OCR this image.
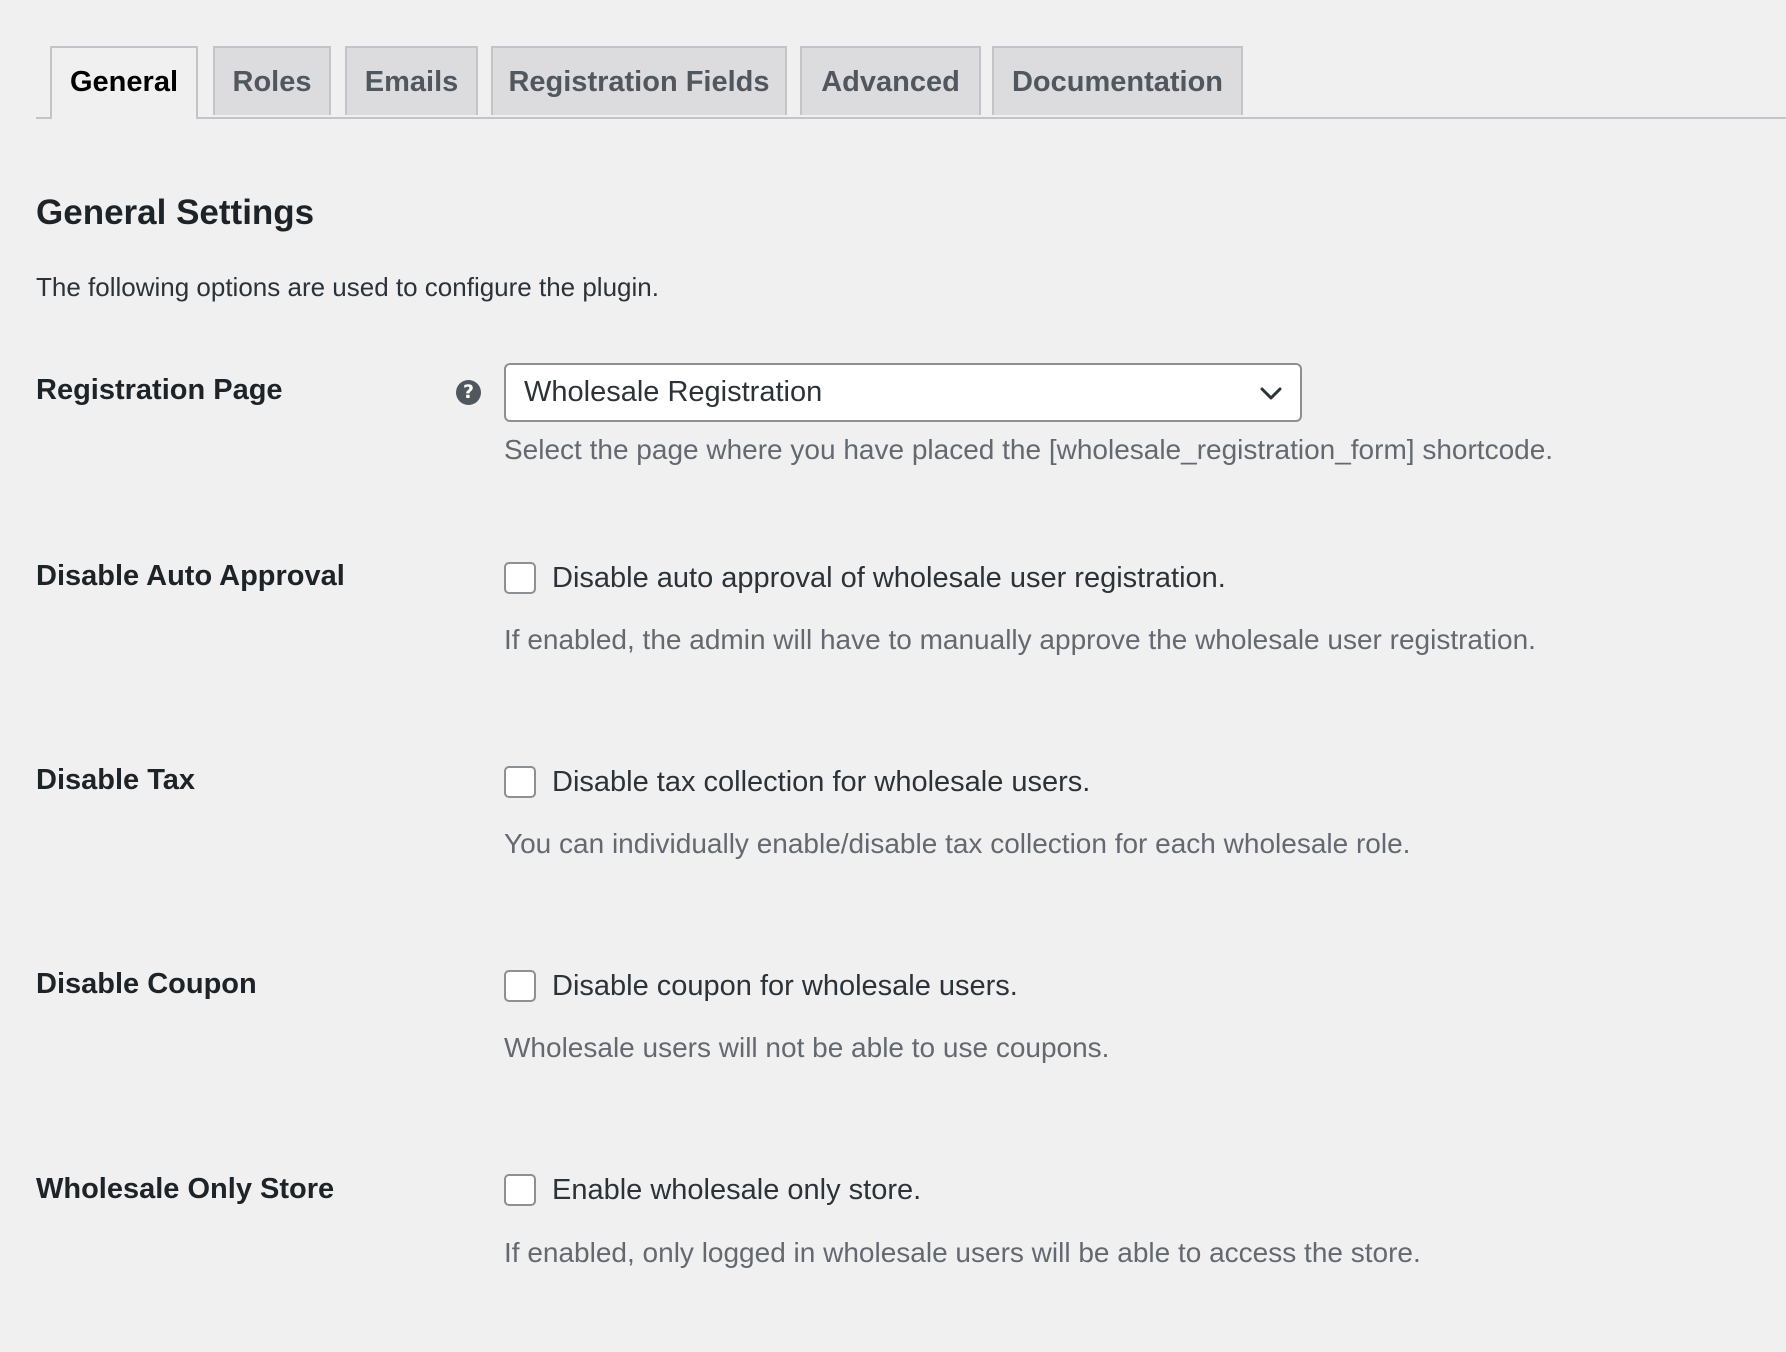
General	Roles	Emails	Registration Fields	Advanced	Documentation
General Settings
The following options are used to configure the plugin.
Registration Page	? Wholesale Registration
Select the page where you have placed the [wholesale_registration_form] shortcode.
Disable Auto Approval	Disable auto approval of wholesale user registration.
If enabled, the admin will have to manually approve the wholesale user registration.
Disable Tax	Disable tax collection for wholesale users.
You can individually enable/disable tax collection for each wholesale role.
Disable Coupon	Disable coupon for wholesale users.
Wholesale users will not be able to use coupons.
Wholesale Only Store	Enable wholesale only store.
If enabled, only logged in wholesale users will be able to access the store.
